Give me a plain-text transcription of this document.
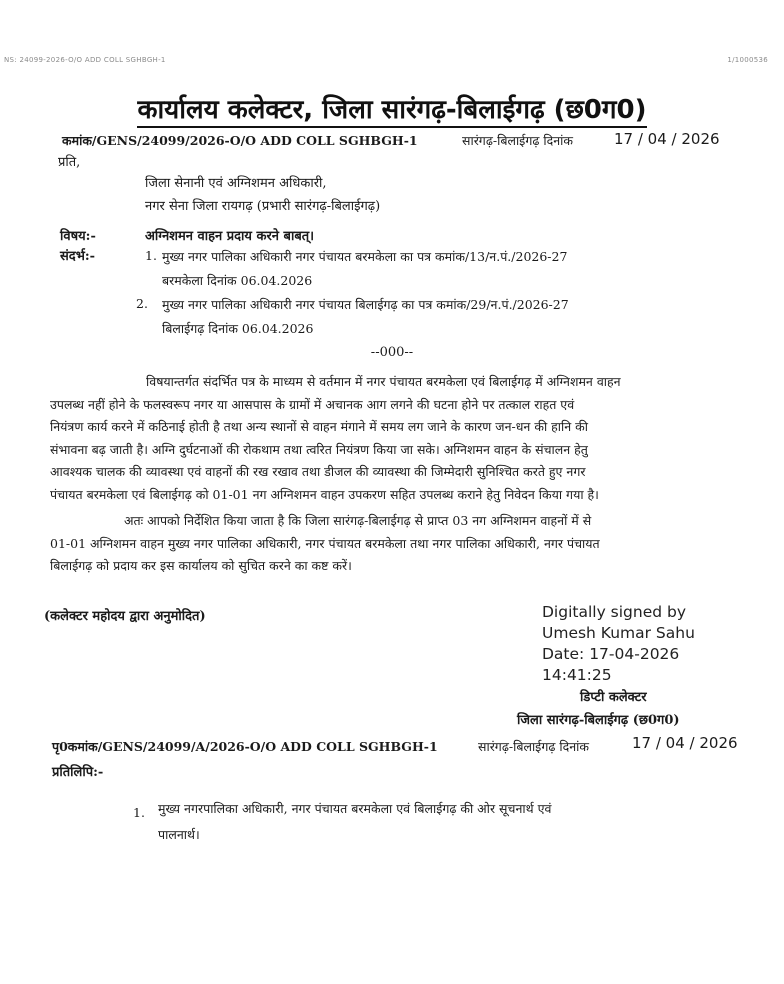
NS: 24099-2026-O/O ADD COLL SGHBGH-1	1/1000536
कार्यालय कलेक्टर, जिला सारंगढ़-बिलाईगढ़ (छ0ग0)
कमांक/GENS/24099/2026-O/O ADD COLL SGHBGH-1	सारंगढ़-बिलाईगढ़ दिनांक	17 / 04 / 2026
प्रति,
जिला सेनानी एवं अग्निशमन अधिकारी,
नगर सेना जिला रायगढ़ (प्रभारी सारंगढ़-बिलाईगढ़)
विषय:-	अग्निशमन वाहन प्रदाय करने बाबत्।
संदर्भ:-	1. मुख्य नगर पालिका अधिकारी नगर पंचायत बरमकेला का पत्र कमांक/13/न.पं./2026-27
बरमकेला दिनांक 06.04.2026
2. मुख्य नगर पालिका अधिकारी नगर पंचायत बिलाईगढ़ का पत्र कमांक/29/न.पं./2026-27
बिलाईगढ़ दिनांक 06.04.2026
--000--
विषयान्तर्गत संदर्भित पत्र के माध्यम से वर्तमान में नगर पंचायत बरमकेला एवं बिलाईगढ़ में अग्निशमन वाहन
उपलब्ध नहीं होने के फलस्वरूप नगर या आसपास के ग्रामों में अचानक आग लगने की घटना होने पर तत्काल राहत एवं
नियंत्रण कार्य करने में कठिनाई होती है तथा अन्य स्थानों से वाहन मंगाने में समय लग जाने के कारण जन-धन की हानि की
संभावना बढ़ जाती है। अग्नि दुर्घटनाओं की रोकथाम तथा त्वरित नियंत्रण किया जा सके। अग्निशमन वाहन के संचालन हेतु
आवश्यक चालक की व्यावस्था एवं वाहनों की रख रखाव तथा डीजल की व्यावस्था की जिम्मेदारी सुनिश्चित करते हुए नगर
पंचायत बरमकेला एवं बिलाईगढ़ को 01-01 नग अग्निशमन वाहन उपकरण सहित उपलब्ध कराने हेतु निवेदन किया गया है।
अतः आपको निर्देशित किया जाता है कि जिला सारंगढ़-बिलाईगढ़ से प्राप्त 03 नग अग्निशमन वाहनों में से
01-01 अग्निशमन वाहन मुख्य नगर पालिका अधिकारी, नगर पंचायत बरमकेला तथा नगर पालिका अधिकारी, नगर पंचायत
बिलाईगढ़ को प्रदाय कर इस कार्यालय को सुचित करने का कष्ट करें।
(कलेक्टर महोदय द्वारा अनुमोदित)	Digitally signed by
Umesh Kumar Sahu
Date: 17-04-2026
14:41:25
डिप्टी कलेक्टर
जिला सारंगढ़-बिलाईगढ़ (छ0ग0)
पृ0कमांक/GENS/24099/A/2026-O/O ADD COLL SGHBGH-1	सारंगढ़-बिलाईगढ़ दिनांक	17 / 04 / 2026
प्रतिलिपि:-
1. मुख्य नगरपालिका अधिकारी, नगर पंचायत बरमकेला एवं बिलाईगढ़ की ओर सूचनार्थ एवं
पालनार्थ।
